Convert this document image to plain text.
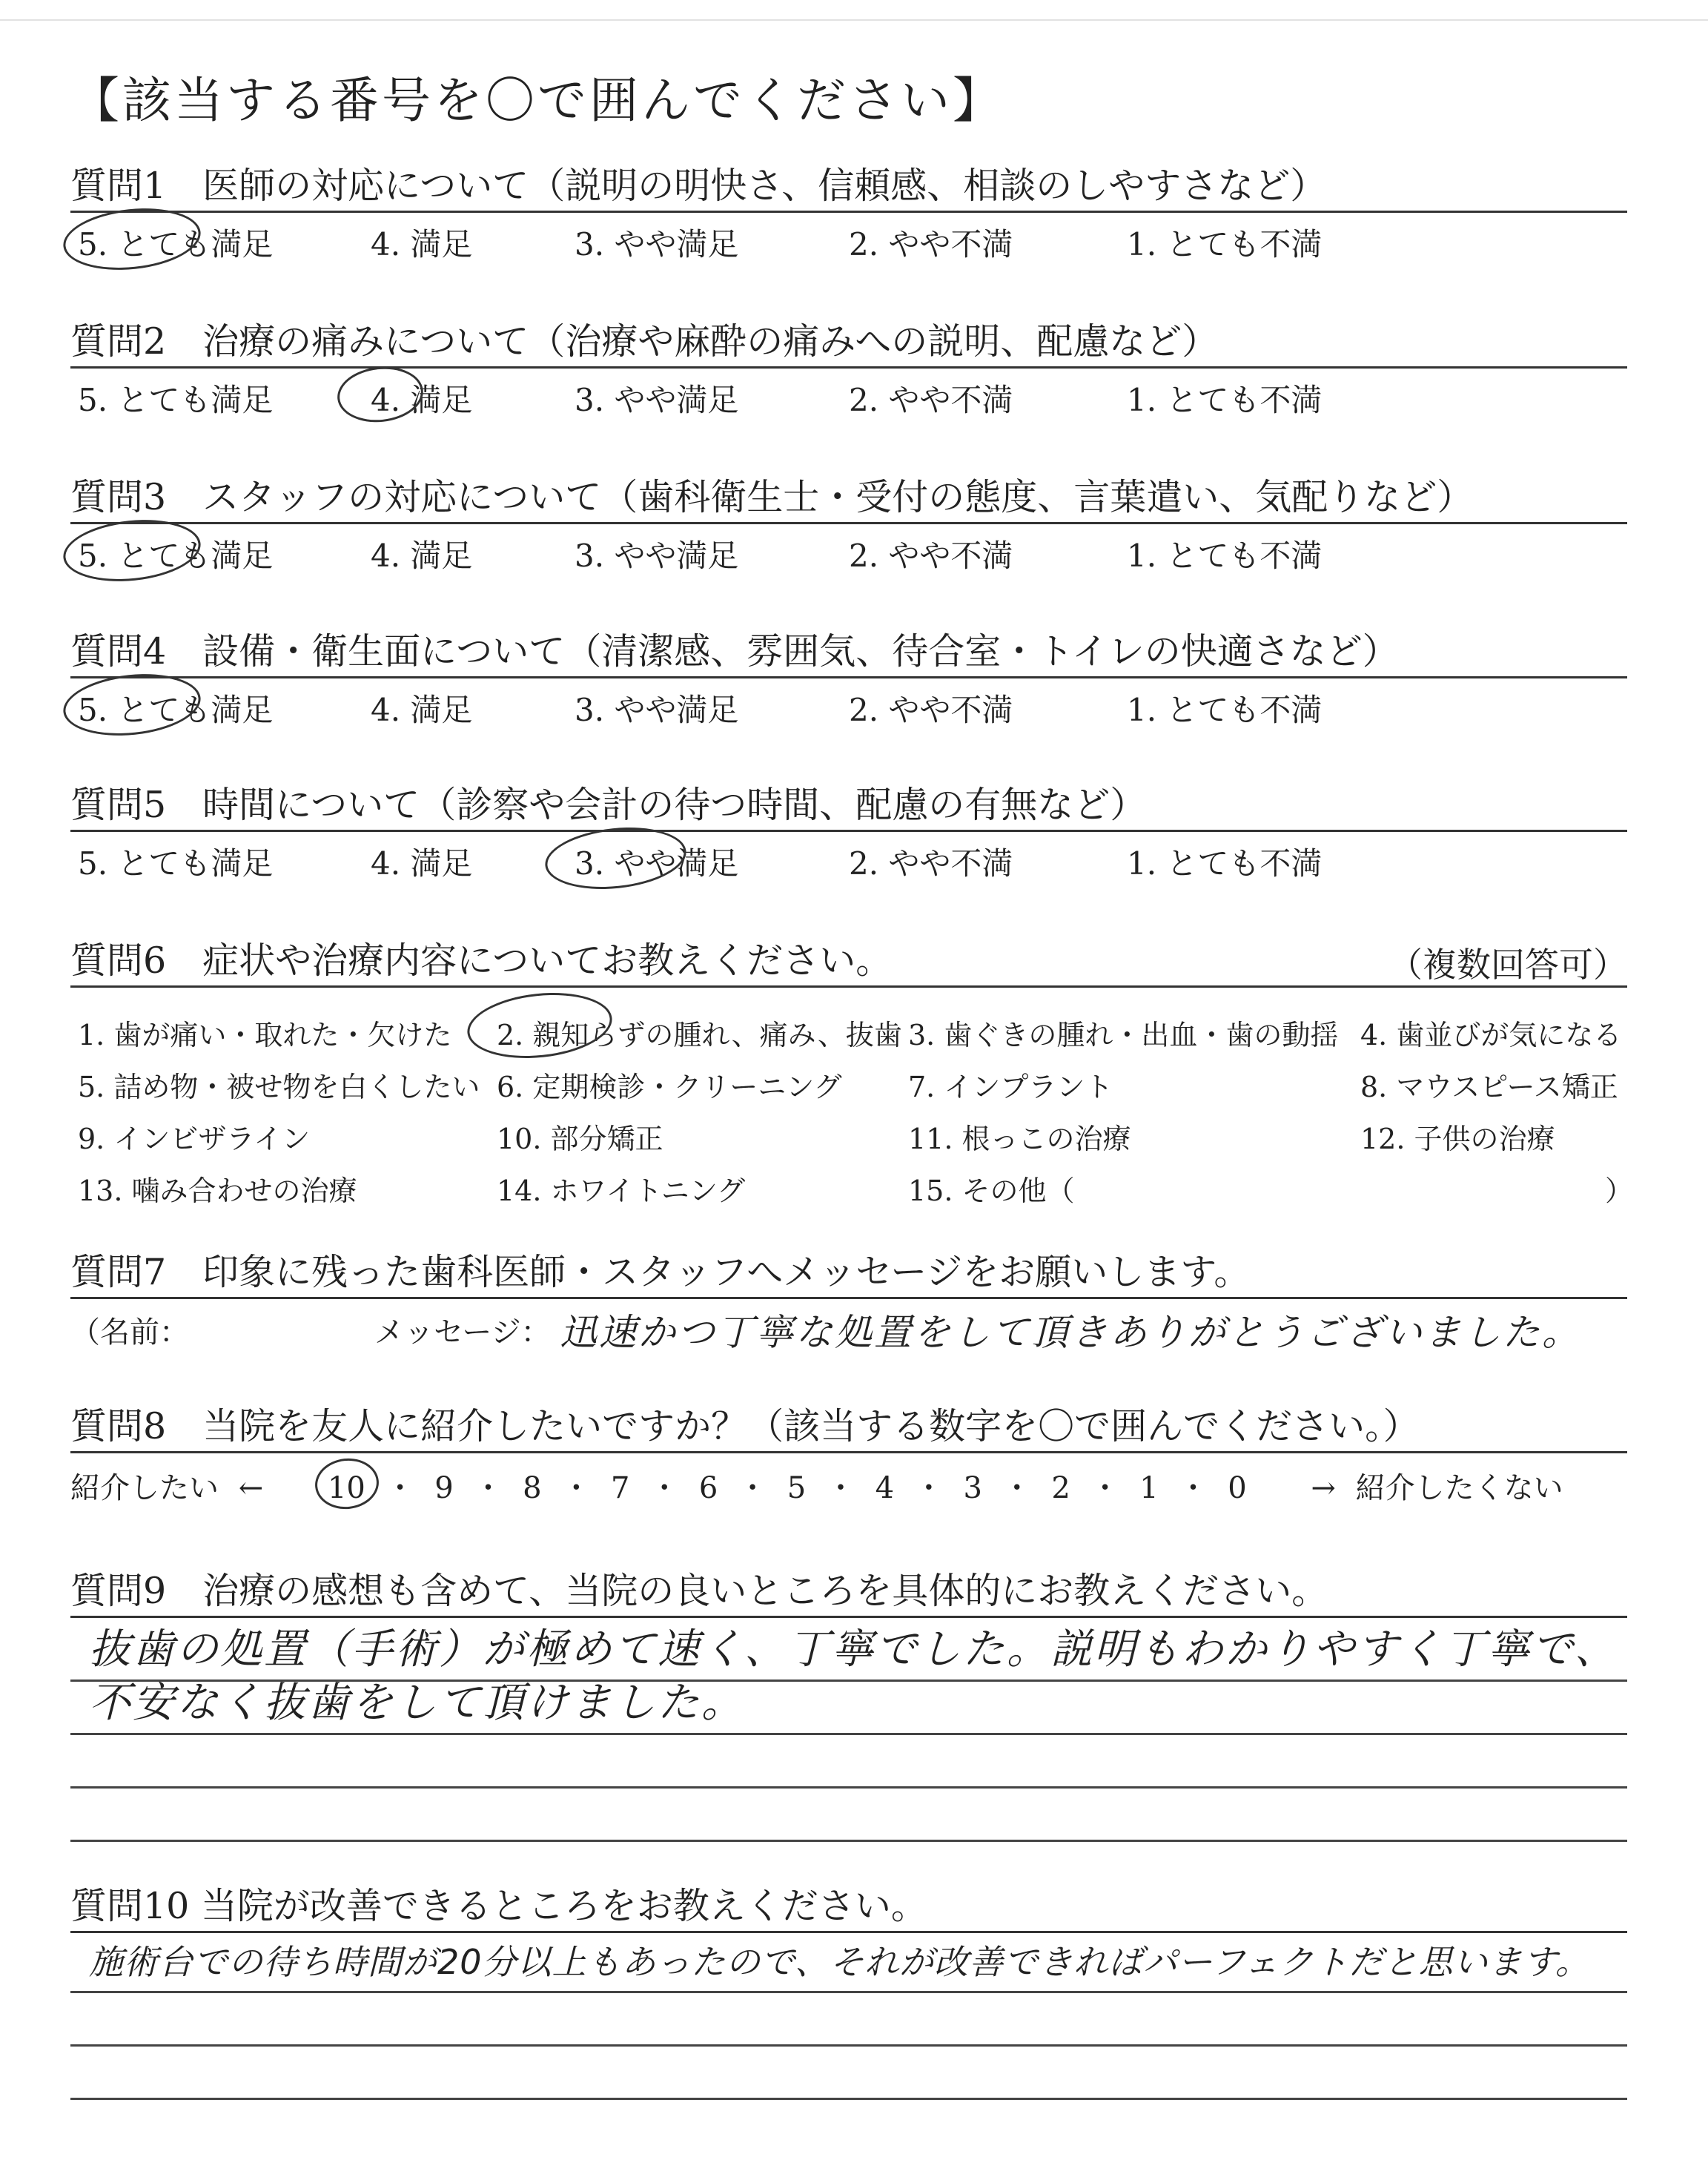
【該当する番号を〇で囲んでください】
質問1　医師の対応について（説明の明快さ、信頼感、相談のしやすさなど）
5. とても満足	4. 満足	3. やや満足	2. やや不満	1. とても不満
質問2　治療の痛みについて（治療や麻酔の痛みへの説明、配慮など）
5. とても満足	4. 満足	3. やや満足	2. やや不満	1. とても不満
質問3　スタッフの対応について（歯科衛生士・受付の態度、言葉遣い、気配りなど）
5. とても満足	4. 満足	3. やや満足	2. やや不満	1. とても不満
質問4　設備・衛生面について（清潔感、雰囲気、待合室・トイレの快適さなど）
5. とても満足	4. 満足	3. やや満足	2. やや不満	1. とても不満
質問5　時間について（診察や会計の待つ時間、配慮の有無など）
5. とても満足	4. 満足	3. やや満足	2. やや不満	1. とても不満
質問6　症状や治療内容についてお教えください。	（複数回答可）
1. 歯が痛い・取れた・欠けた 2. 親知らずの腫れ、痛み、抜歯 3. 歯ぐきの腫れ・出血・歯の動揺 4. 歯並びが気になる
5. 詰め物・被せ物を白くしたい 6. 定期検診・クリーニング 7. インプラント	8. マウスピース矯正
9. インビザライン	10. 部分矯正	11. 根っこの治療	12. 子供の治療
13. 噛み合わせの治療	14. ホワイトニング	15. その他（	）
質問7　印象に残った歯科医師・スタッフへメッセージをお願いします。
（名前：	メッセージ： 迅速かつ丁寧な処置をして頂きありがとうございました。
質問8　当院を友人に紹介したいですか？（該当する数字を〇で囲んでください。）
紹介したい ← 10 ・ 9 ・ 8 ・ 7 ・ 6 ・ 5 ・ 4 ・ 3 ・ 2 ・ 1 ・ 0 → 紹介したくない
質問9　治療の感想も含めて、当院の良いところを具体的にお教えください。
抜歯の処置（手術）が極めて速く、丁寧でした。説明もわかりやすく丁寧で、
不安なく抜歯をして頂けました。
質問10 当院が改善できるところをお教えください。
施術台での待ち時間が20分以上もあったので、それが改善できればパーフェクトだと思います。
